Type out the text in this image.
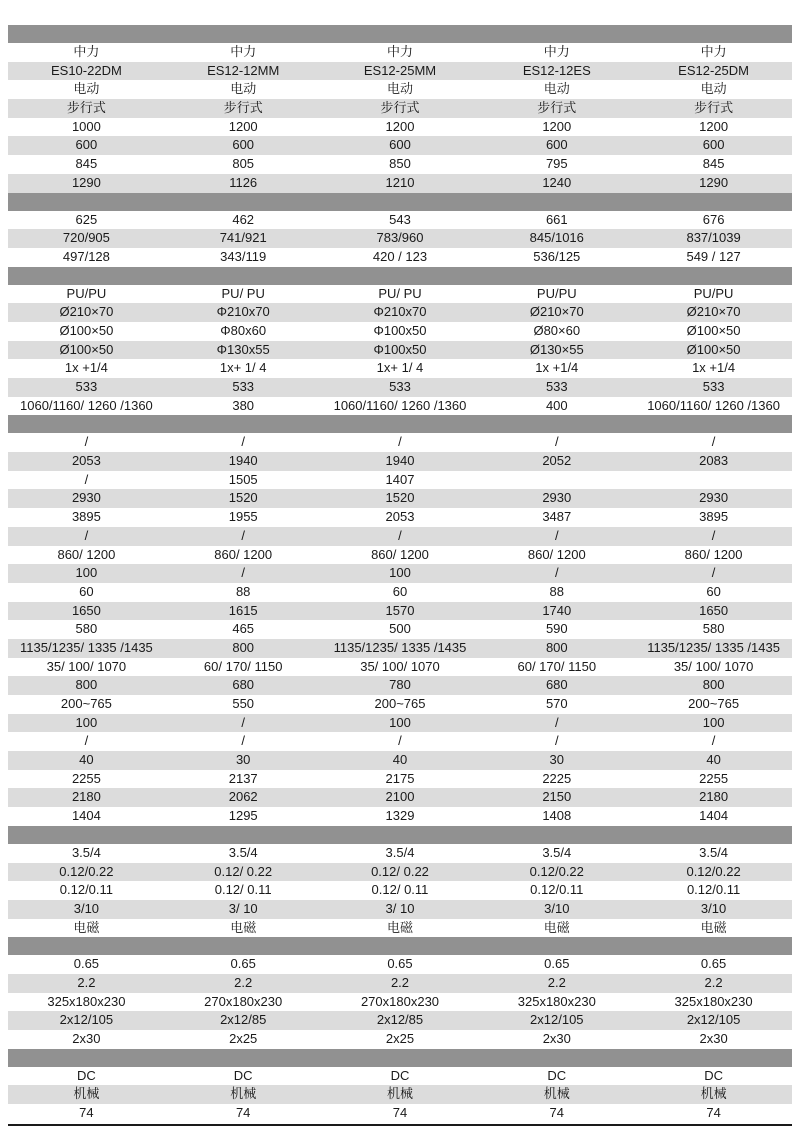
中力	中力	中力	中力	中力
ES10-22DM	ES12-12MM	ES12-25MM	ES12-12ES	ES12-25DM
电动	电动	电动	电动	电动
步行式	步行式	步行式	步行式	步行式
1000	1200	1200	1200	1200
600	600	600	600	600
845	805	850	795	845
1290	1126	1210	1240	1290
625	462	543	661	676
720/905	741/921	783/960	845/1016	837/1039
497/128	343/119	420 / 123	536/125	549 / 127
PU/PU	PU/ PU	PU/ PU	PU/PU	PU/PU
Ø210×70	Φ210x70	Φ210x70	Ø210×70	Ø210×70
Ø100×50	Φ80x60	Φ100x50	Ø80×60	Ø100×50
Ø100×50	Φ130x55	Φ100x50	Ø130×55	Ø100×50
1x +1/4	1x+ 1/ 4	1x+ 1/ 4	1x +1/4	1x +1/4
533	533	533	533	533
1060/1160/ 1260 /1360	380	1060/1160/ 1260 /1360	400	1060/1160/ 1260 /1360
/	/	/	/	/
2053	1940	1940	2052	2083
/	1505	1407
2930	1520	1520	2930	2930
3895	1955	2053	3487	3895
/	/	/	/	/
860/ 1200	860/ 1200	860/ 1200	860/ 1200	860/ 1200
100	/	100	/	/
60	88	60	88	60
1650	1615	1570	1740	1650
580	465	500	590	580
1135/1235/ 1335 /1435	800	1135/1235/ 1335 /1435	800	1135/1235/ 1335 /1435
35/ 100/ 1070	60/ 170/ 1150	35/ 100/ 1070	60/ 170/ 1150	35/ 100/ 1070
800	680	780	680	800
200~765	550	200~765	570	200~765
100	/	100	/	100
/	/	/	/	/
40	30	40	30	40
2255	2137	2175	2225	2255
2180	2062	2100	2150	2180
1404	1295	1329	1408	1404
3.5/4	3.5/4	3.5/4	3.5/4	3.5/4
0.12/0.22	0.12/ 0.22	0.12/ 0.22	0.12/0.22	0.12/0.22
0.12/0.11	0.12/ 0.11	0.12/ 0.11	0.12/0.11	0.12/0.11
3/10	3/ 10	3/ 10	3/10	3/10
电磁	电磁	电磁	电磁	电磁
0.65	0.65	0.65	0.65	0.65
2.2	2.2	2.2	2.2	2.2
325x180x230	270x180x230	270x180x230	325x180x230	325x180x230
2x12/105	2x12/85	2x12/85	2x12/105	2x12/105
2x30	2x25	2x25	2x30	2x30
DC	DC	DC	DC	DC
机械	机械	机械	机械	机械
74	74	74	74	74
